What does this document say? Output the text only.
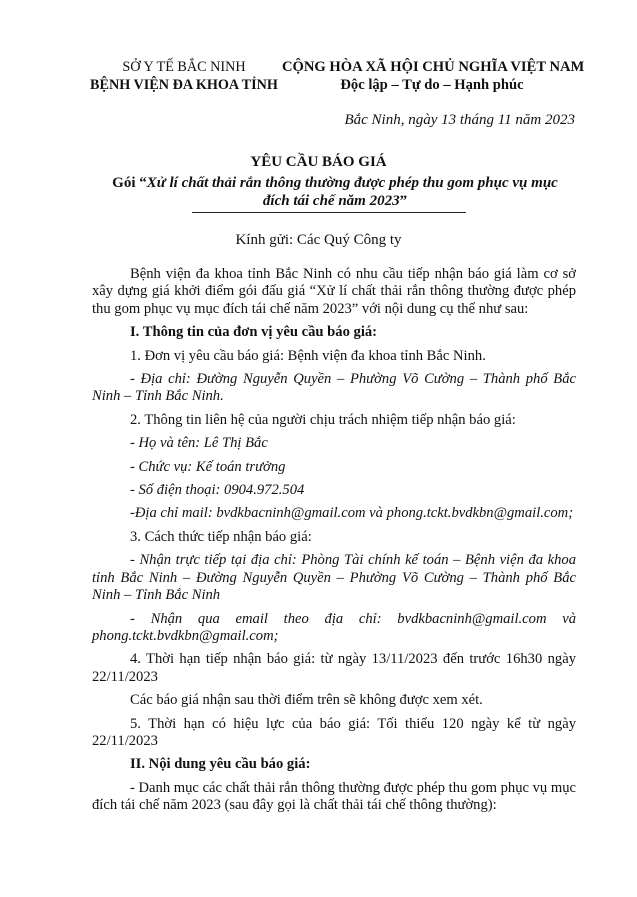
SỞ Y TẾ BẮC NINH
BỆNH VIỆN ĐA KHOA TỈNH
CỘNG HÒA XÃ HỘI CHỦ NGHĨA VIỆT NAM
Độc lập – Tự do – Hạnh phúc
Bắc Ninh, ngày 13 tháng 11 năm 2023
YÊU CẦU BÁO GIÁ
Gói “Xử lí chất thải rắn thông thường được phép thu gom phục vụ mục đích tái chế năm 2023”
Kính gửi: Các Quý Công ty

Bệnh viện đa khoa tỉnh Bắc Ninh có nhu cầu tiếp nhận báo giá làm cơ sở xây dựng giá khởi điểm gói đấu giá “Xử lí chất thải rắn thông thường được phép thu gom phục vụ mục đích tái chế năm 2023” với nội dung cụ thể như sau:

I. Thông tin của đơn vị yêu cầu báo giá:

1. Đơn vị yêu cầu báo giá: Bệnh viện đa khoa tỉnh Bắc Ninh.

- Địa chỉ: Đường Nguyễn Quyền – Phường Võ Cường – Thành phố Bắc Ninh – Tỉnh Bắc Ninh.

2. Thông tin liên hệ của người chịu trách nhiệm tiếp nhận báo giá:

- Họ và tên: Lê Thị Bắc

- Chức vụ: Kế toán trưởng

- Số điện thoại: 0904.972.504

-Địa chỉ mail: bvdkbacninh@gmail.com và phong.tckt.bvdkbn@gmail.com;

3. Cách thức tiếp nhận báo giá:

- Nhận trực tiếp tại địa chỉ: Phòng Tài chính kế toán – Bệnh viện đa khoa tỉnh Bắc Ninh – Đường Nguyễn Quyền – Phường Võ Cường – Thành phố Bắc Ninh – Tỉnh Bắc Ninh

- Nhận qua email theo địa chỉ: bvdkbacninh@gmail.com và phong.tckt.bvdkbn@gmail.com;

4. Thời hạn tiếp nhận báo giá: từ ngày 13/11/2023 đến trước 16h30 ngày 22/11/2023

Các báo giá nhận sau thời điểm trên sẽ không được xem xét.

5. Thời hạn có hiệu lực của báo giá: Tối thiểu 120 ngày kể từ ngày 22/11/2023

II. Nội dung yêu cầu báo giá:

- Danh mục các chất thải rắn thông thường được phép thu gom phục vụ mục đích tái chế năm 2023 (sau đây gọi là chất thải tái chế thông thường):
